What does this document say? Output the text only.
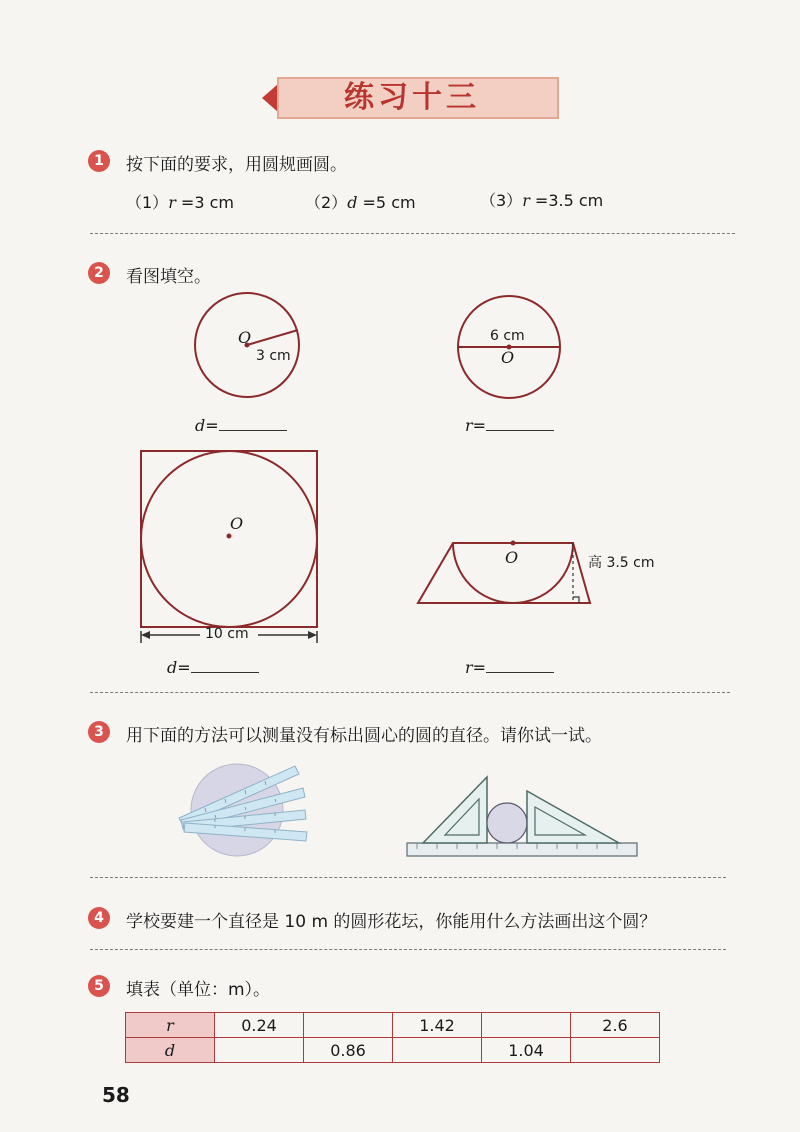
练习十三
1	按下面的要求，用圆规画圆。
（1）r =3 cm	（2）d =5 cm	（3）r =3.5 cm
2	看图填空。
O
3 cm
d=
6 cm
O
r=
O
10 cm
d=
O	高 3.5 cm
r=
3	用下面的方法可以测量没有标出圆心的圆的直径。请你试一试。
4	学校要建一个直径是 10 m 的圆形花坛，你能用什么方法画出这个圆？
5	填表（单位：m）。
r	0.24		1.42		2.6
d		0.86		1.04	
58
